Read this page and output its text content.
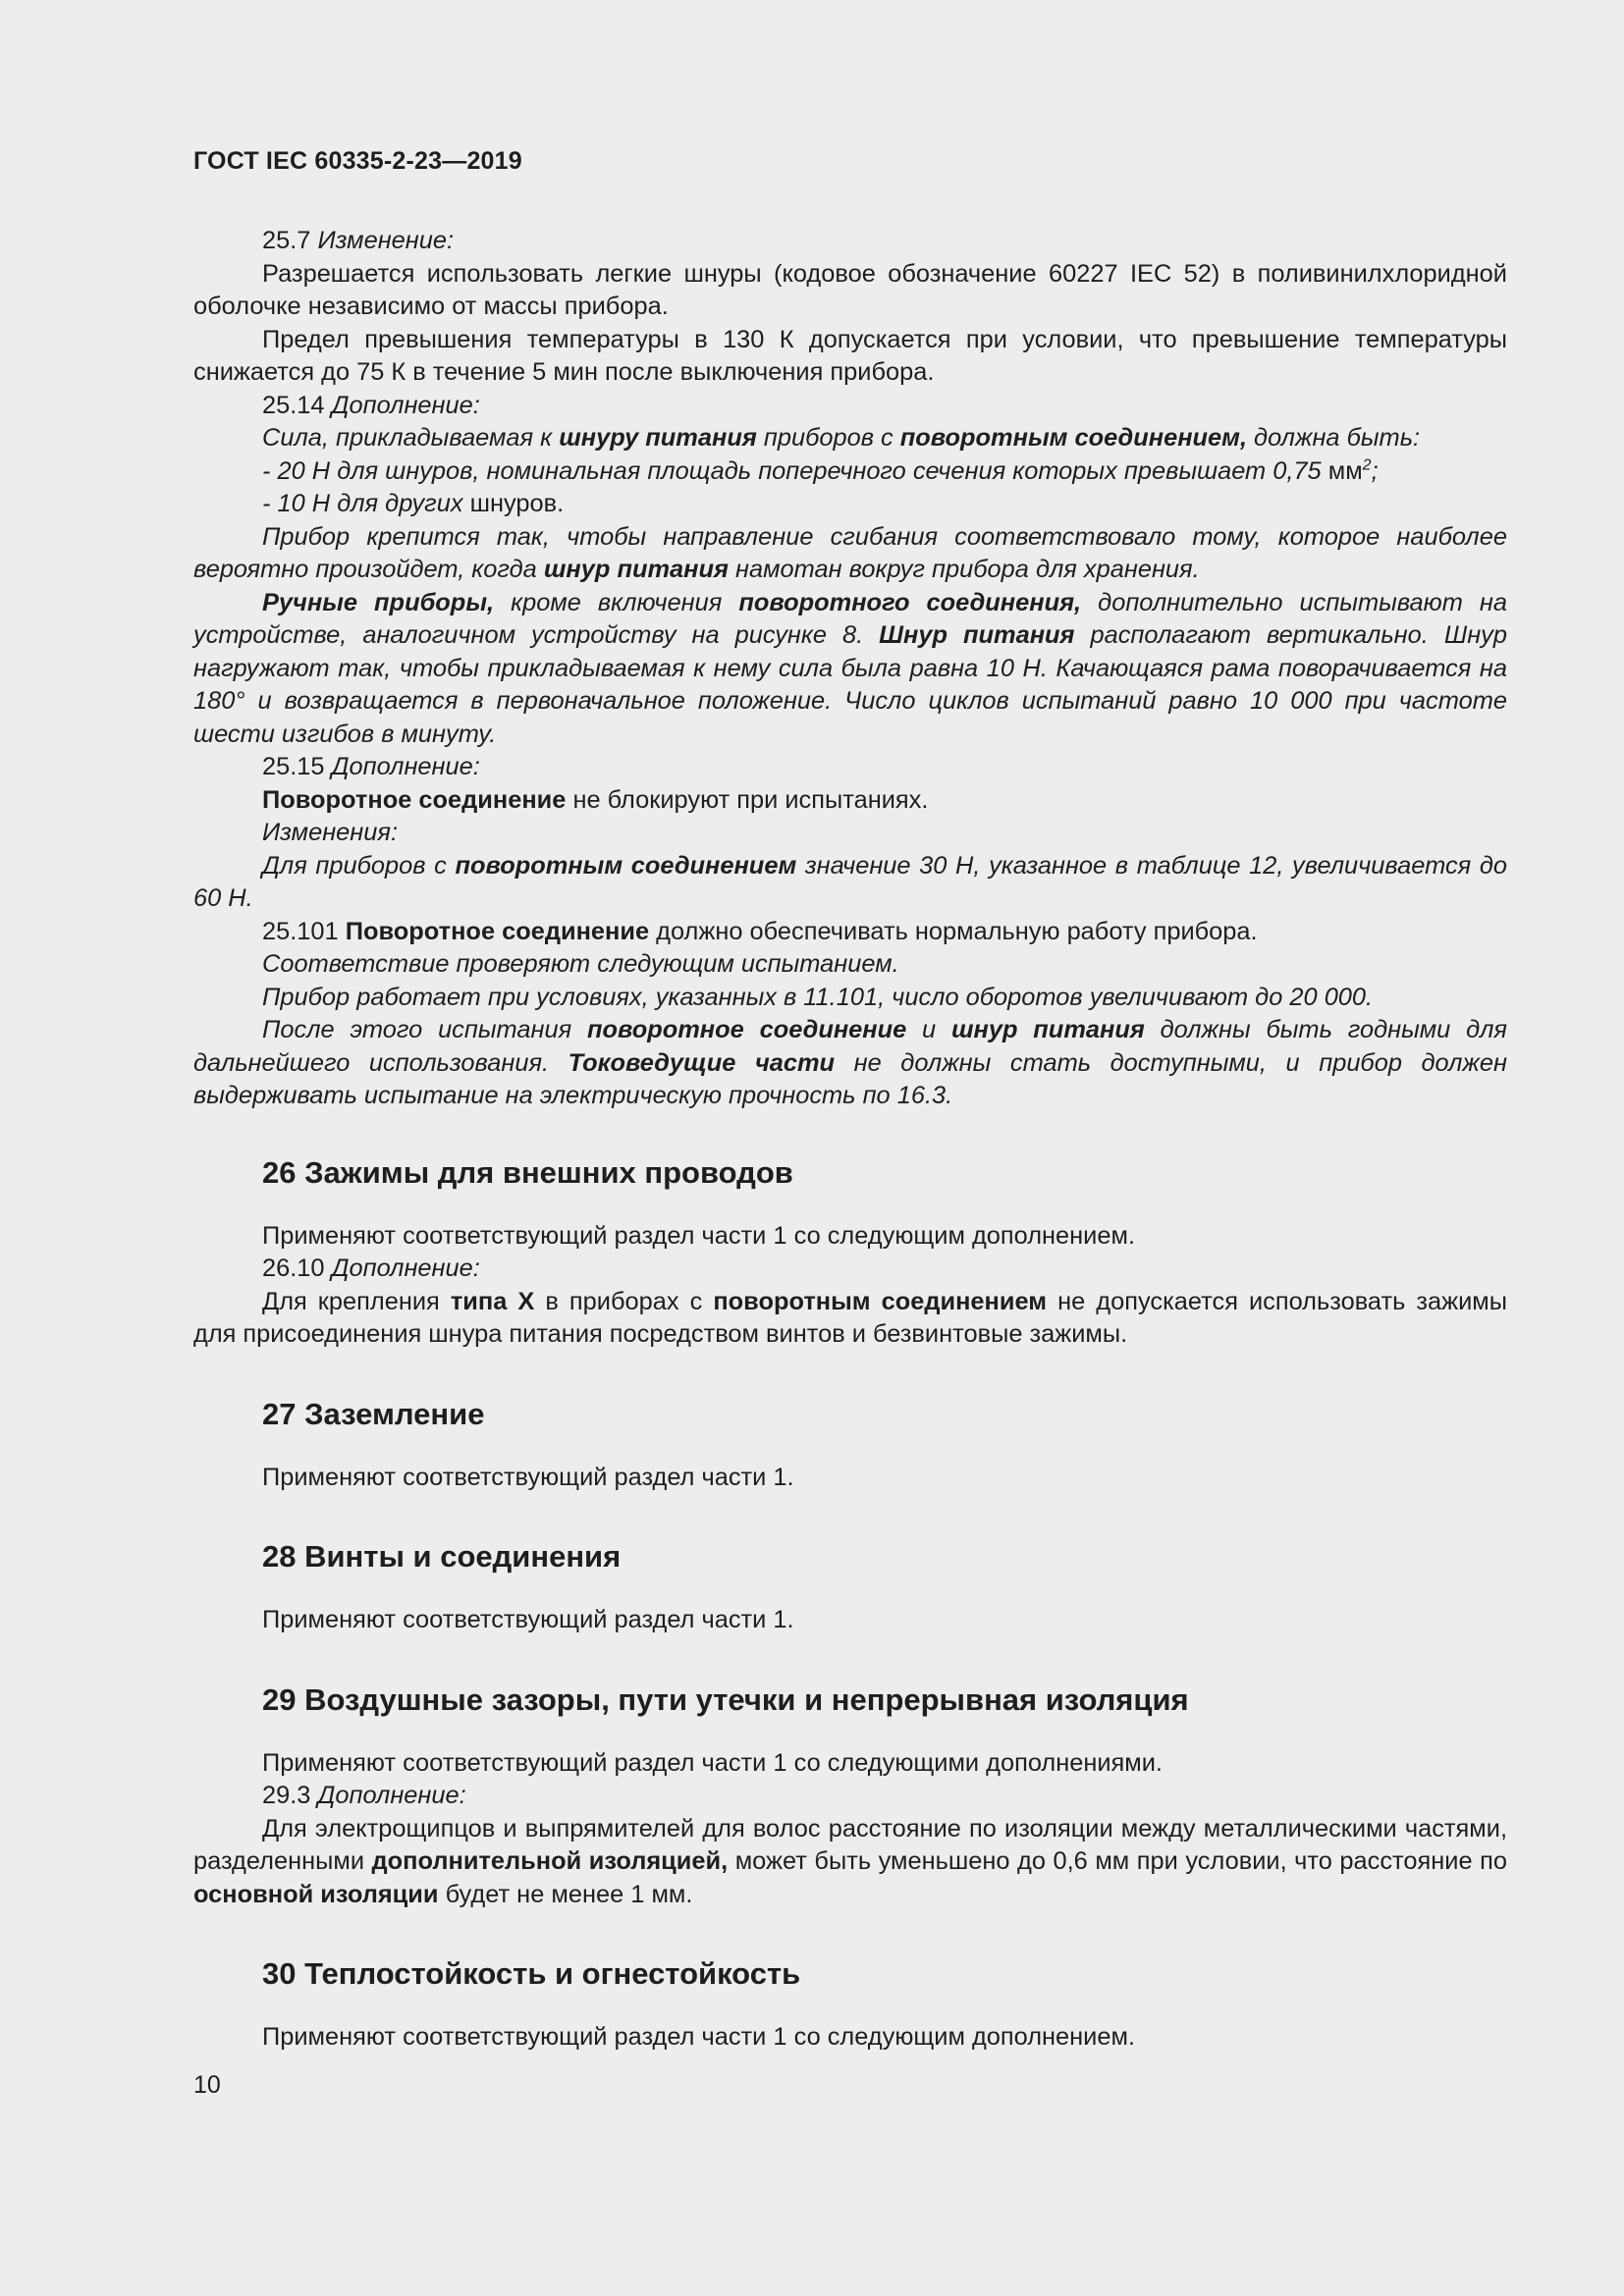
ГОСТ IEC 60335-2-23—2019

25.7 Изменение:

Разрешается использовать легкие шнуры (кодовое обозначение 60227 IEC 52) в поливинилхлоридной оболочке независимо от массы прибора.

Предел превышения температуры в 130 К допускается при условии, что превышение температуры снижается до 75 К в течение 5 мин после выключения прибора.

25.14 Дополнение:

Сила, прикладываемая к шнуру питания приборов с поворотным соединением, должна быть:

- 20 Н для шнуров, номинальная площадь поперечного сечения которых превышает 0,75 $мм^2$;

- 10 Н для других шнуров.

Прибор крепится так, чтобы направление сгибания соответствовало тому, которое наиболее вероятно произойдет, когда шнур питания намотан вокруг прибора для хранения.

Ручные приборы, кроме включения поворотного соединения, дополнительно испытывают на устройстве, аналогичном устройству на рисунке 8. Шнур питания располагают вертикально. Шнур нагружают так, чтобы прикладываемая к нему сила была равна 10 Н. Качающаяся рама поворачивается на 180° и возвращается в первоначальное положение. Число циклов испытаний равно 10 000 при частоте шести изгибов в минуту.

25.15 Дополнение:

Поворотное соединение не блокируют при испытаниях.

Изменения:

Для приборов с поворотным соединением значение 30 Н, указанное в таблице 12, увеличивается до 60 Н.

25.101 Поворотное соединение должно обеспечивать нормальную работу прибора.

Соответствие проверяют следующим испытанием.

Прибор работает при условиях, указанных в 11.101, число оборотов увеличивают до 20 000.

После этого испытания поворотное соединение и шнур питания должны быть годными для дальнейшего использования. Токоведущие части не должны стать доступными, и прибор должен выдерживать испытание на электрическую прочность по 16.3.

26 Зажимы для внешних проводов

Применяют соответствующий раздел части 1 со следующим дополнением.

26.10 Дополнение:

Для крепления типа X в приборах с поворотным соединением не допускается использовать зажимы для присоединения шнура питания посредством винтов и безвинтовые зажимы.

27 Заземление

Применяют соответствующий раздел части 1.

28 Винты и соединения

Применяют соответствующий раздел части 1.

29 Воздушные зазоры, пути утечки и непрерывная изоляция

Применяют соответствующий раздел части 1 со следующими дополнениями.

29.3 Дополнение:

Для электрощипцов и выпрямителей для волос расстояние по изоляции между металлическими частями, разделенными дополнительной изоляцией, может быть уменьшено до 0,6 мм при условии, что расстояние по основной изоляции будет не менее 1 мм.

30 Теплостойкость и огнестойкость

Применяют соответствующий раздел части 1 со следующим дополнением.

10
